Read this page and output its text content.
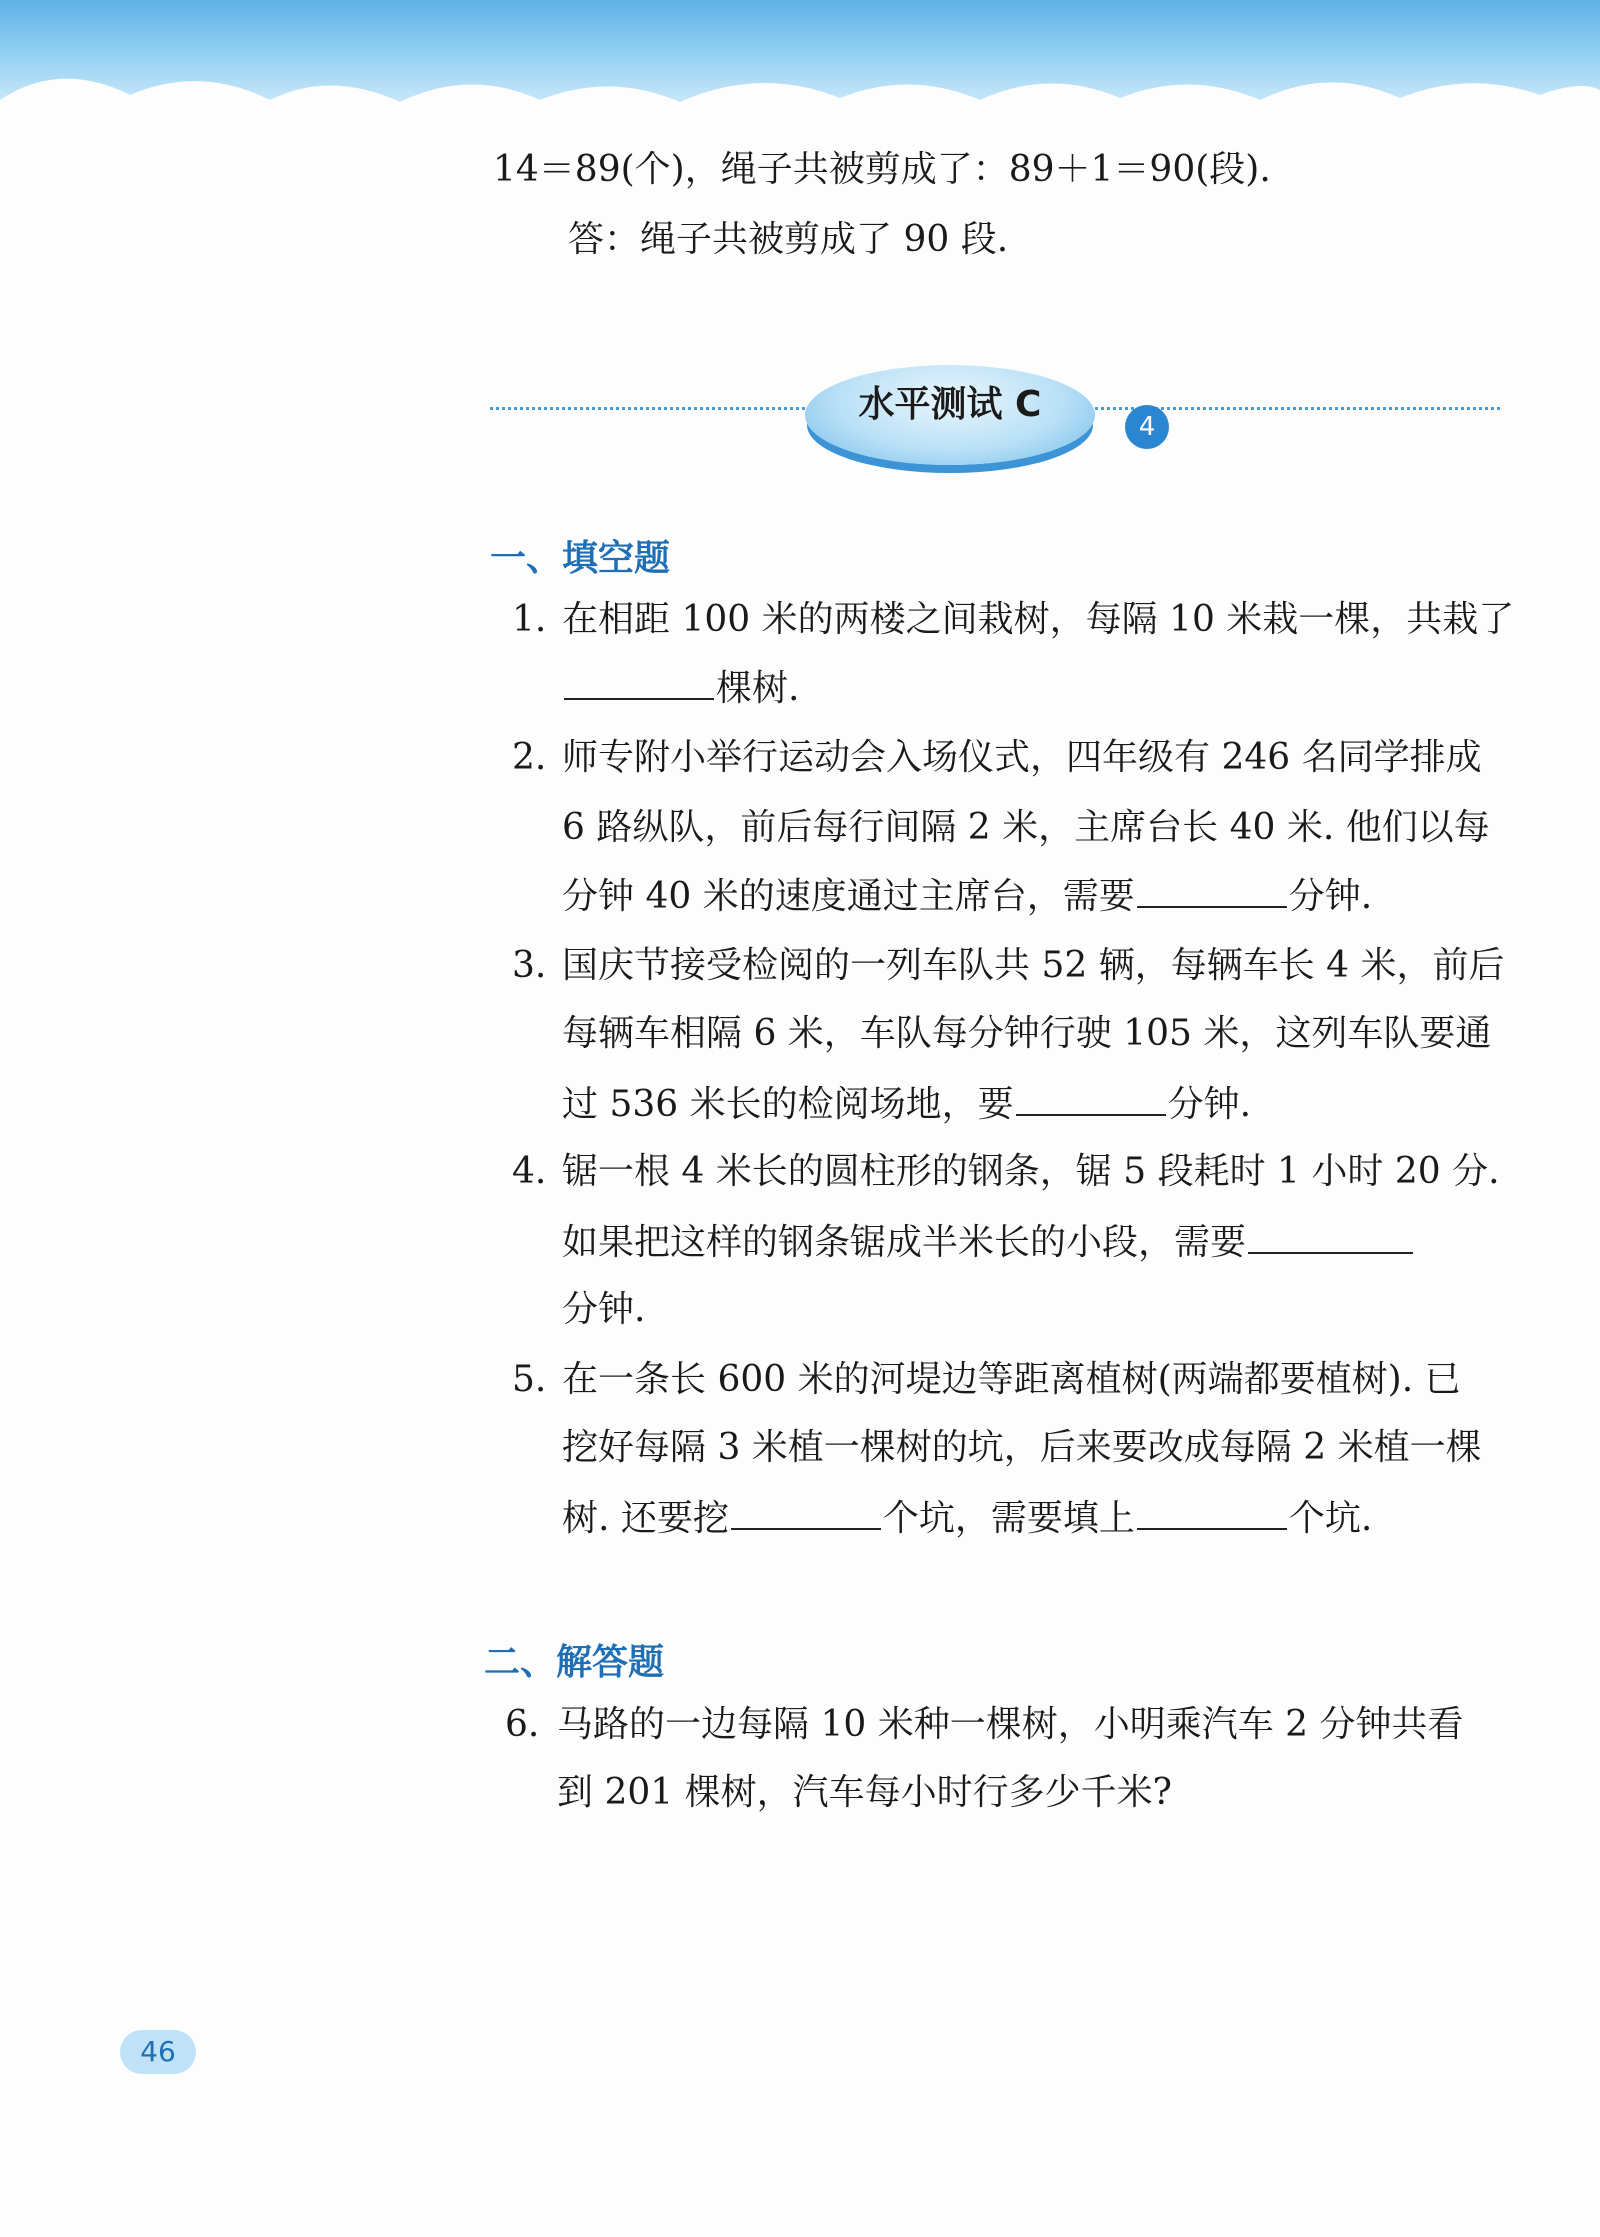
14＝89(个)，绳子共被剪成了：89＋1＝90(段).
答：绳子共被剪成了 90 段.
水平测试 C
4
一、填空题
1. 在相距 100 米的两楼之间栽树，每隔 10 米栽一棵，共栽了
棵树.
2. 师专附小举行运动会入场仪式，四年级有 246 名同学排成
6 路纵队，前后每行间隔 2 米，主席台长 40 米. 他们以每
分钟 40 米的速度通过主席台，需要	分钟.
3. 国庆节接受检阅的一列车队共 52 辆，每辆车长 4 米，前后
每辆车相隔 6 米，车队每分钟行驶 105 米，这列车队要通
过 536 米长的检阅场地，要	分钟.
4. 锯一根 4 米长的圆柱形的钢条，锯 5 段耗时 1 小时 20 分.
如果把这样的钢条锯成半米长的小段，需要
分钟.
5. 在一条长 600 米的河堤边等距离植树(两端都要植树). 已
挖好每隔 3 米植一棵树的坑，后来要改成每隔 2 米植一棵
树. 还要挖	个坑，需要填上	个坑.
二、解答题
6. 马路的一边每隔 10 米种一棵树，小明乘汽车 2 分钟共看
到 201 棵树，汽车每小时行多少千米?
46
